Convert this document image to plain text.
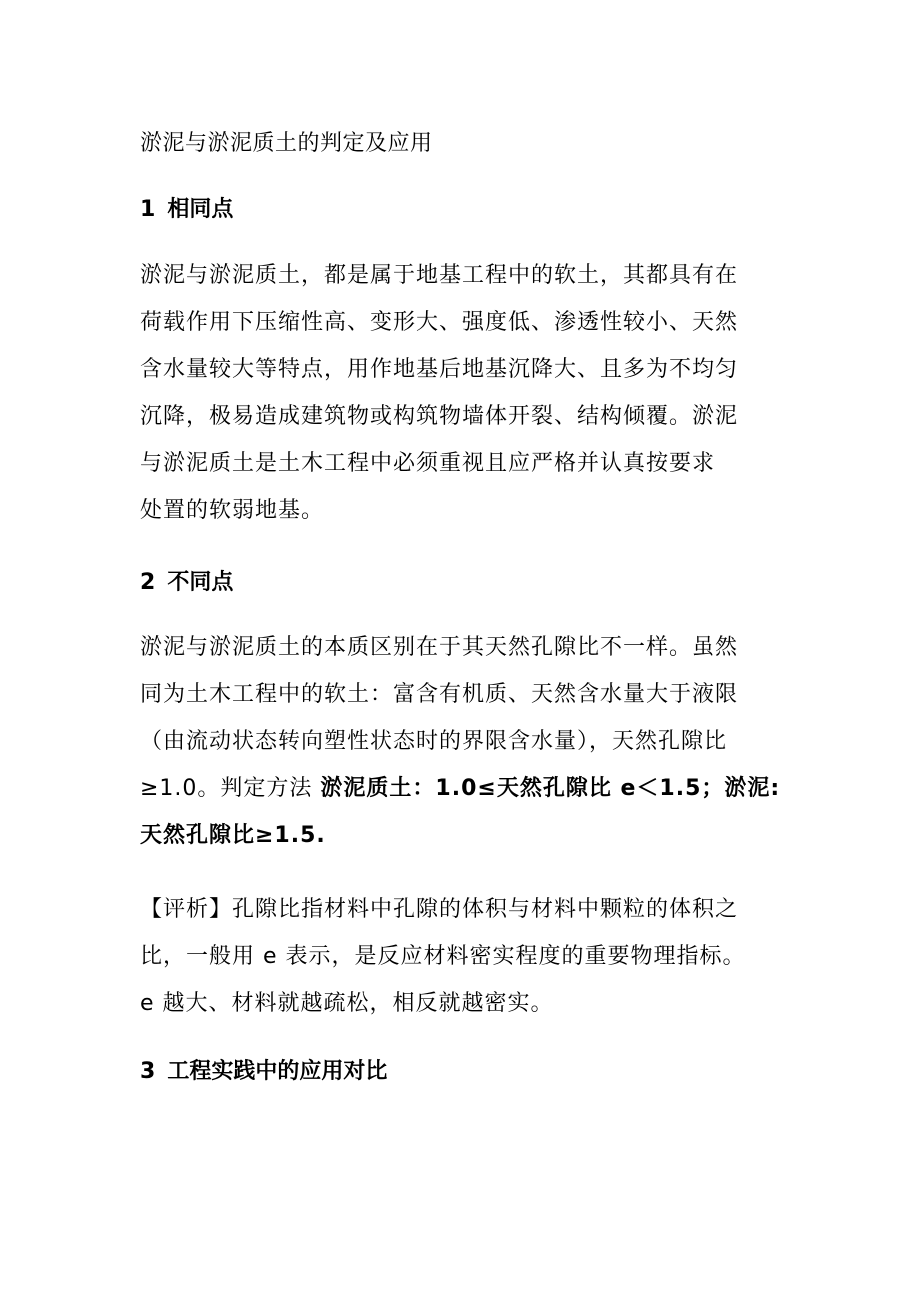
淤泥与淤泥质土的判定及应用
1 相同点
淤泥与淤泥质土，都是属于地基工程中的软土，其都具有在
荷载作用下压缩性高、变形大、强度低、渗透性较小、天然
含水量较大等特点，用作地基后地基沉降大、且多为不均匀
沉降，极易造成建筑物或构筑物墙体开裂、结构倾覆。淤泥
与淤泥质土是土木工程中必须重视且应严格并认真按要求
处置的软弱地基。
2 不同点
淤泥与淤泥质土的本质区别在于其天然孔隙比不一样。虽然
同为土木工程中的软土：富含有机质、天然含水量大于液限
（由流动状态转向塑性状态时的界限含水量），天然孔隙比
≥1.0。判定方法 淤泥质土：1.0≤天然孔隙比 e＜1.5；淤泥:
天然孔隙比≥1.5.
【评析】孔隙比指材料中孔隙的体积与材料中颗粒的体积之
比，一般用 e 表示，是反应材料密实程度的重要物理指标。
e 越大、材料就越疏松，相反就越密实。
3 工程实践中的应用对比
